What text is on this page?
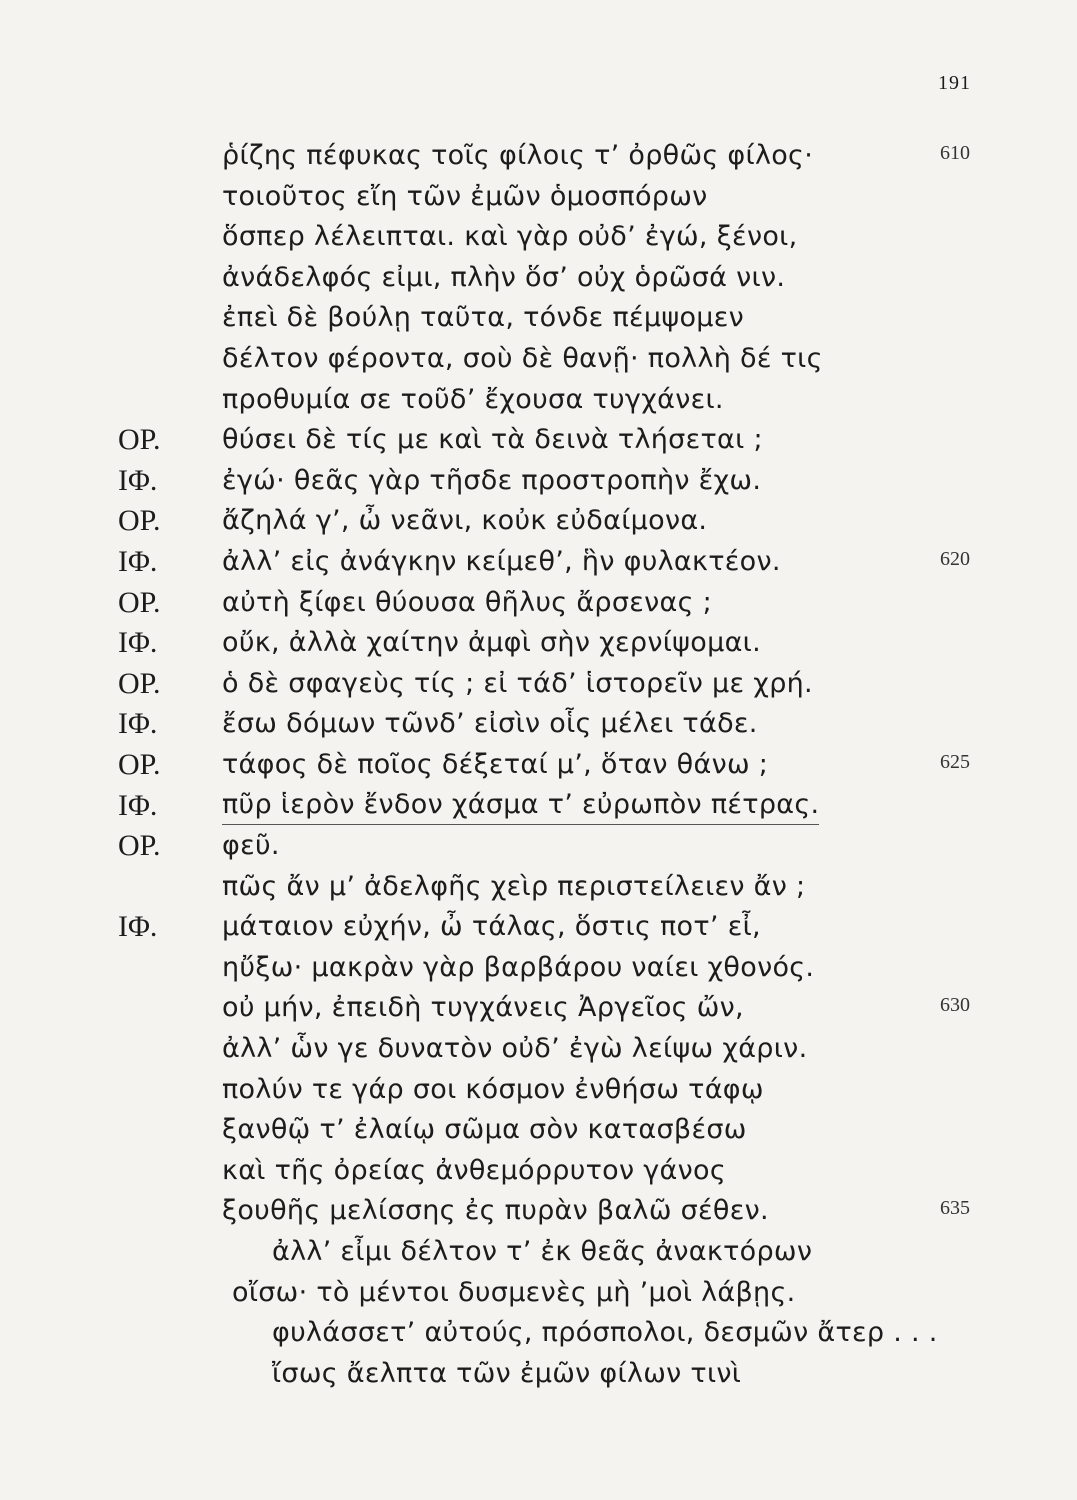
191
ῥίζης πέφυκας τοῖς φίλοις τ’ ὀρθῶς φίλος·	610
τοιοῦτος εἴη τῶν ἐμῶν ὁμοσπόρων
ὅσπερ λέλειπται. καὶ γὰρ οὐδ’ ἐγώ, ξένοι,
ἀνάδελφός εἰμι, πλὴν ὅσ’ οὐχ ὁρῶσά νιν.
ἐπεὶ δὲ βούλῃ ταῦτα, τόνδε πέμψομεν
δέλτον φέροντα, σοὺ δὲ θανῇ· πολλὴ δέ τις
προθυμία σε τοῦδ’ ἔχουσα τυγχάνει.
ΟΡ. θύσει δὲ τίς με καὶ τὰ δεινὰ τλήσεται ;
ΙΦ. ἐγώ· θεᾶς γὰρ τῆσδε προστροπὴν ἔχω.
ΟΡ. ἄζηλά γ’, ὦ νεᾶνι, κοὐκ εὐδαίμονα.
ΙΦ. ἀλλ’ εἰς ἀνάγκην κείμεθ’, ἣν φυλακτέον.	620
ΟΡ. αὐτὴ ξίφει θύουσα θῆλυς ἄρσενας ;
ΙΦ. οὔκ, ἀλλὰ χαίτην ἀμφὶ σὴν χερνίψομαι.
ΟΡ. ὁ δὲ σφαγεὺς τίς ; εἰ τάδ’ ἱστορεῖν με χρή.
ΙΦ. ἔσω δόμων τῶνδ’ εἰσὶν οἷς μέλει τάδε.
ΟΡ. τάφος δὲ ποῖος δέξεταί μ’, ὅταν θάνω ;	625
ΙΦ. πῦρ ἱερὸν ἔνδον χάσμα τ’ εὐρωπὸν πέτρας.
ΟΡ. φεῦ.
πῶς ἄν μ’ ἀδελφῆς χεὶρ περιστείλειεν ἄν ;
ΙΦ. μάταιον εὐχήν, ὦ τάλας, ὅστις ποτ’ εἶ,
ηὔξω· μακρὰν γὰρ βαρβάρου ναίει χθονός.
οὐ μήν, ἐπειδὴ τυγχάνεις Ἀργεῖος ὤν,	630
ἀλλ’ ὧν γε δυνατὸν οὐδ’ ἐγὼ λείψω χάριν.
πολύν τε γάρ σοι κόσμον ἐνθήσω τάφῳ
ξανθῷ τ’ ἐλαίῳ σῶμα σὸν κατασβέσω
καὶ τῆς ὀρείας ἀνθεμόρρυτον γάνος
ξουθῆς μελίσσης ἐς πυρὰν βαλῶ σέθεν.	635
ἀλλ’ εἶμι δέλτον τ’ ἐκ θεᾶς ἀνακτόρων
οἴσω· τὸ μέντοι δυσμενὲς μὴ ’μοὶ λάβῃς.
φυλάσσετ’ αὐτούς, πρόσπολοι, δεσμῶν ἄτερ . . .
ἴσως ἄελπτα τῶν ἐμῶν φίλων τινὶ
